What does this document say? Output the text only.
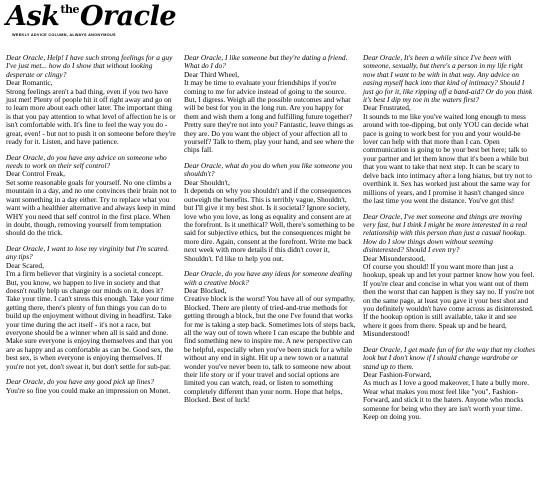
Ask$^{the}$Oracle
WEEKLY ADVICE COLUMN, ALWAYS ANONYMOUS

Dear Oracle, Help! I have such strong feelings for a guy I've just met... how do I show that without looking desperate or clingy?

Dear Romantic,

Strong feelings aren't a bad thing, even if you two have just met! Plenty of people hit it off right away and go on to learn more about each other later. The important thing is that you pay attention to what level of affection he is or isn't comfortable with. It's fine to feel the way you do - great, even! - but not to push it on someone before they're ready for it. Listen, and have patience.

Dear Oracle, do you have any advice on someone who needs to work on their self control?

Dear Control Freak,

Set some reasonable goals for yourself. No one climbs a mountain in a day, and no one convinces their brain not to want something in a day either. Try to replace what you want with a healthier alternative and always keep in mind WHY you need that self control in the first place. When in doubt, though, removing yourself from temptation should do the trick.

Dear Oracle, I want to lose my virginity but I'm scared. any tips?

Dear Scared,

I'm a firm believer that virginity is a societal concept. But, you know, we happen to live in society and that doesn't really help us change our minds on it, does it? Take your time. I can't stress this enough. Take your time getting there, there's plenty of fun things you can do to build up the enjoyment without diving in headfirst. Take your time during the act itself - it's not a race, but everyone should be a winner when all is said and done. Make sure everyone is enjoying themselves and that you are as happy and as comfortable as can be. Good sex, the best sex, is when everyone is enjoying themselves. If you're not yet, don't sweat it, but don't settle for sub-par.

Dear Oracle, do you have any good pick up lines?

You're so fine you could make an impression on Monet.

Dear Oracle, I like someone but they're dating a friend. What do I do?

Dear Third Wheel,

It may be time to evaluate your friendships if you're coming to me for advice instead of going to the source. But, I digress. Weigh all the possible outcomes and what will be best for you in the long run. Are you happy for them and wish them a long and fulfilling future together? Pretty sure they're not into you? Fantastic, leave things as they are. Do you want the object of your affection all to yourself? Talk to them, play your hand, and see where the chips fall.

Dear Oracle, what do you do when you like someone you shouldn't?

Dear Shouldn't,

It depends on why you shouldn't and if the consequences outweigh the benefits. This is terribly vague, Shouldn't, but I'll give it my best shot. Is it societal? Ignore society, love who you love, as long as equality and consent are at the forefront. Is it unethical? Well, there's something to be said for subjective ethics, but the consequences might be more dire. Again, consent at the forefront. Write me back next week with more details if this didn't cover it, Shouldn't. I'd like to help you out.

Dear Oracle, do you have any ideas for someone dealing with a creative block?

Dear Blocked,

Creative block is the worst! You have all of our sympathy, Blocked. There are plenty of tried-and-true methods for getting through a block, but the one I've found that works for me is taking a step back. Sometimes lots of steps back, all the way out of town where I can escape the bubble and find something new to inspire me. A new perspective can be helpful, especially when you've been stuck for a while without any end in sight. Hit up a new town or a natural wonder you've never been to, talk to someone new about their life story or if your travel and social options are limited you can watch, read, or listen to something completely different than your norm. Hope that helps, Blocked. Best of luck!

Dear Oracle, It's been a while since I've been with someone, sexually, but there's a person in my life right now that I want to be with in that way. Any advice on easing myself back into that kind of intimacy? Should I just go for it, like ripping off a band-aid? Or do you think it's best I dip my toe in the waters first?

Dear Frustrated,

It sounds to me like you've waited long enough to mess around with toe-dipping, but only YOU can decide what pace is going to work best for you and your would-be lover can help with that more than I can. Open communication is going to be your best bet here; talk to your partner and let them know that it's been a while but that you want to take that next step. It can be scary to delve back into intimacy after a long hiatus, but try not to overthink it. Sex has worked just about the same way for millions of years, and I promise it hasn't changed since the last time you went the distance. You've got this!

Dear Oracle, I've met someone and things are moving very fast, but I think I might be more interested in a real relationship with this person than just a casual hookup. How do I slow things down without seeming disinterested? Should I even try?

Dear Misunderstood,

Of course you should! If you want more than just a hookup, speak up and let your partner know how you feel. If you're clear and concise in what you want out of them then the worst that can happen is they say no. If you're not on the same page, at least you gave it your best shot and you definitely wouldn't have come across as disinterested. If the hookup option is still available, take it and see where it goes from there. Speak up and be heard, Misunderstood!

Dear Oracle, I get made fun of for the way that my clothes look but I don't know if I should change wardrobe or stand up to them.

Dear Fashion-Forward,

As much as I love a good makeover, I hate a bully more. Wear what makes you most feel like "you", Fashion-Forward, and stick it to the haters. Anyone who mocks someone for being who they are isn't worth your time. Keep on doing you.
